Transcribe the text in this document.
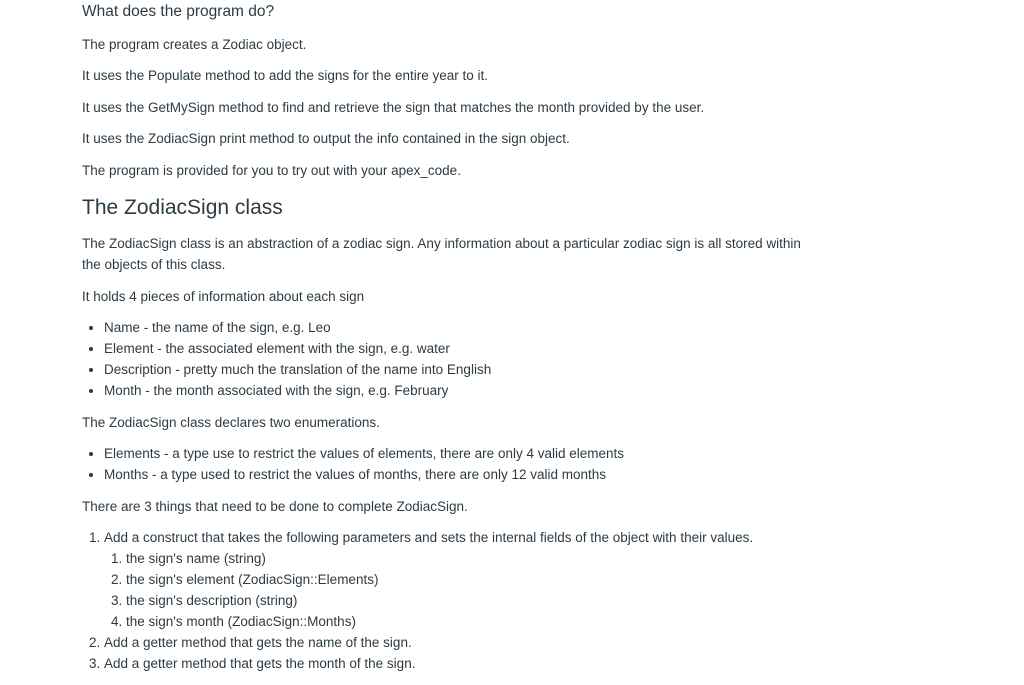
What does the program do?

The program creates a Zodiac object.

It uses the Populate method to add the signs for the entire year to it.

It uses the GetMySign method to find and retrieve the sign that matches the month provided by the user.

It uses the ZodiacSign print method to output the info contained in the sign object.

The program is provided for you to try out with your apex_code.

The ZodiacSign class

The ZodiacSign class is an abstraction of a zodiac sign. Any information about a particular zodiac sign is all stored within the objects of this class.

It holds 4 pieces of information about each sign

• Name - the name of the sign, e.g. Leo
• Element - the associated element with the sign, e.g. water
• Description - pretty much the translation of the name into English
• Month - the month associated with the sign, e.g. February

The ZodiacSign class declares two enumerations.

• Elements - a type use to restrict the values of elements, there are only 4 valid elements
• Months - a type used to restrict the values of months, there are only 12 valid months

There are 3 things that need to be done to complete ZodiacSign.

1. Add a construct that takes the following parameters and sets the internal fields of the object with their values.
1. the sign's name (string)
2. the sign's element (ZodiacSign::Elements)
3. the sign's description (string)
4. the sign's month (ZodiacSign::Months)
2. Add a getter method that gets the name of the sign.
3. Add a getter method that gets the month of the sign.
